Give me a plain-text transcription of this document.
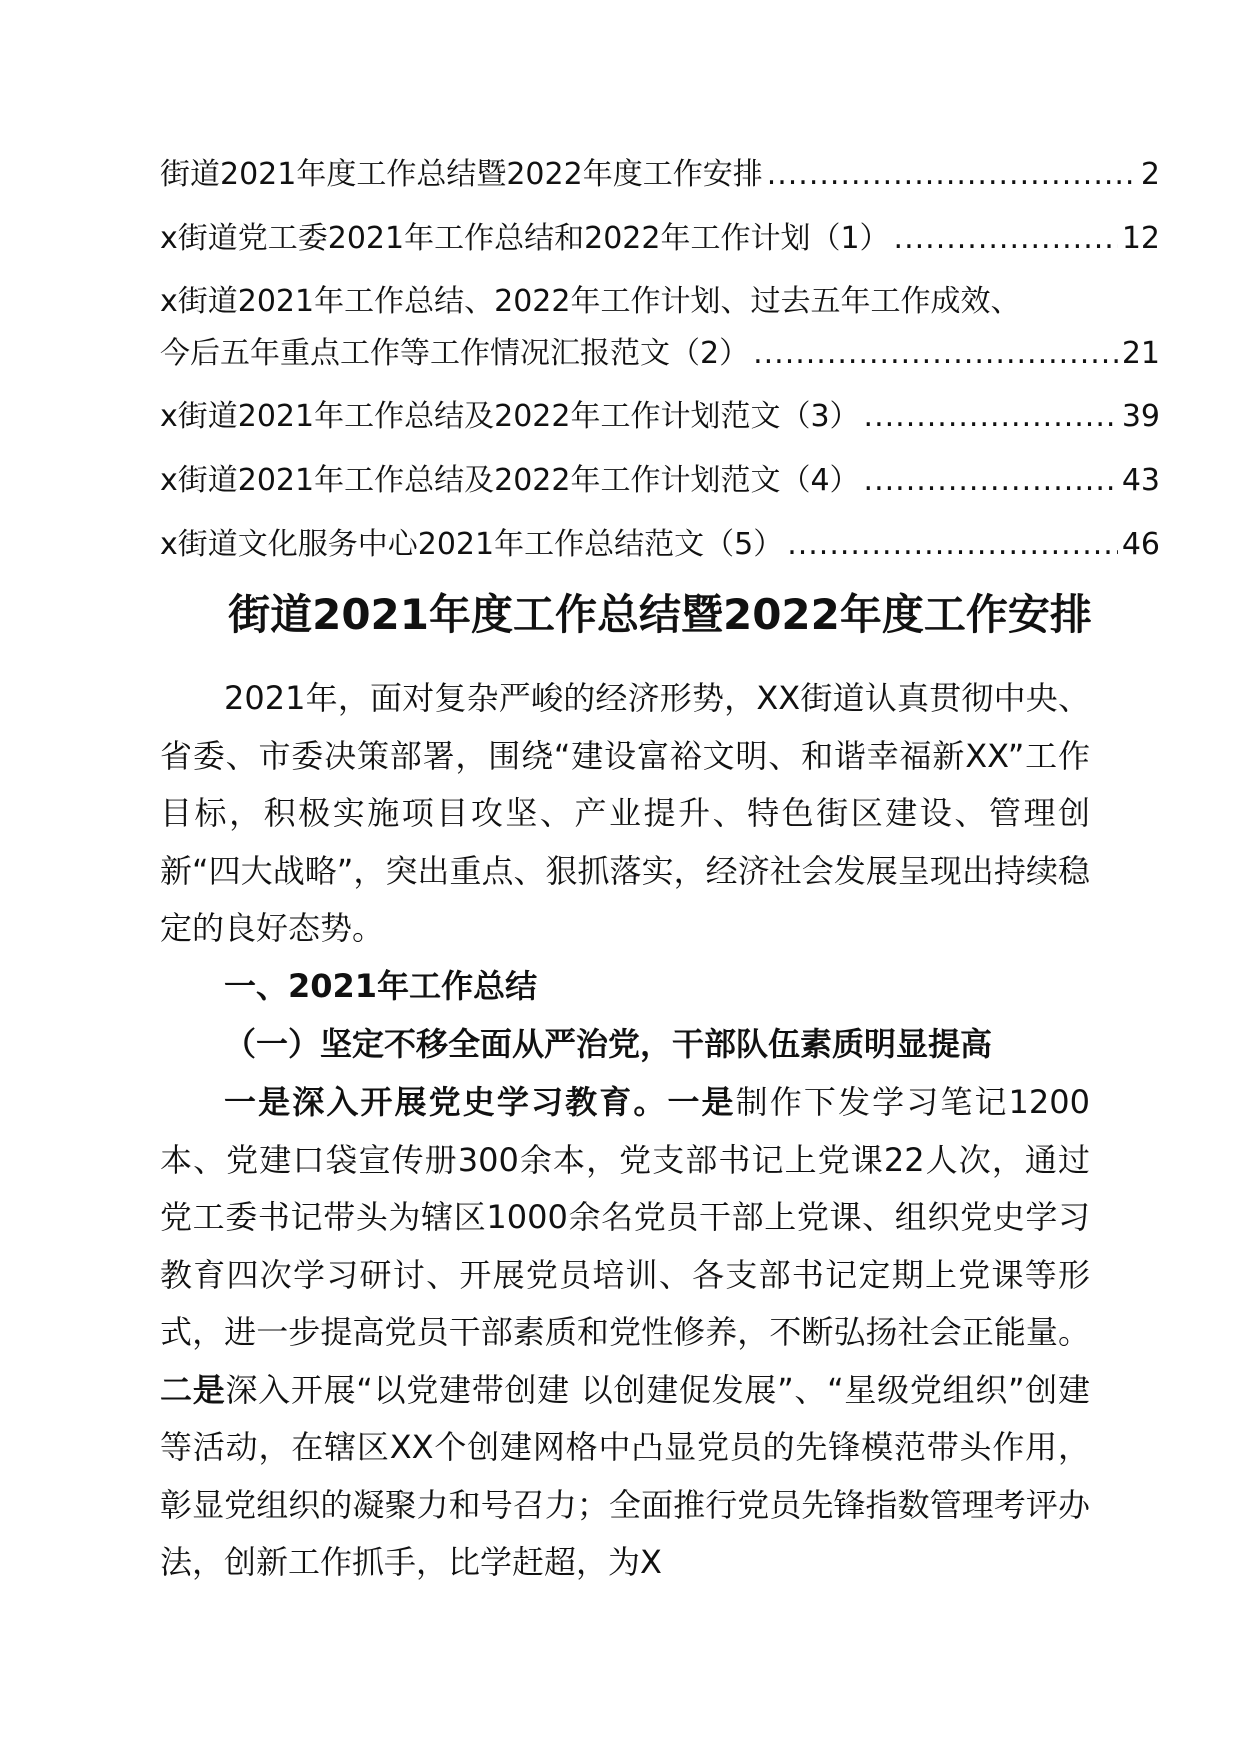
街道2021年度工作总结暨2022年度工作安排 .....	2
x街道党工委2021年工作总结和2022年工作计划（1） .....	12
x街道2021年工作总结、2022年工作计划、过去五年工作成效、
今后五年重点工作等工作情况汇报范文（2） .....	21
x街道2021年工作总结及2022年工作计划范文（3） .....	39
x街道2021年工作总结及2022年工作计划范文（4） .....	43
x街道文化服务中心2021年工作总结范文（5） .....	46
街道2021年度工作总结暨2022年度工作安排

2021年，面对复杂严峻的经济形势，XX街道认真贯彻中央、省委、市委决策部署，围绕“建设富裕文明、和谐幸福新XX”工作目标，积极实施项目攻坚、产业提升、特色街区建设、管理创新“四大战略”，突出重点、狠抓落实，经济社会发展呈现出持续稳定的良好态势。

一、2021年工作总结
（一）坚定不移全面从严治党，干部队伍素质明显提高

一是深入开展党史学习教育。一是制作下发学习笔记1200本、党建口袋宣传册300余本，党支部书记上党课22人次，通过党工委书记带头为辖区1000余名党员干部上党课、组织党史学习教育四次学习研讨、开展党员培训、各支部书记定期上党课等形式，进一步提高党员干部素质和党性修养，不断弘扬社会正能量。二是深入开展“以党建带创建 以创建促发展”、“星级党组织”创建等活动，在辖区XX个创建网格中凸显党员的先锋模范带头作用，彰显党组织的凝聚力和号召力；全面推行党员先锋指数管理考评办法，创新工作抓手，比学赶超，为X
